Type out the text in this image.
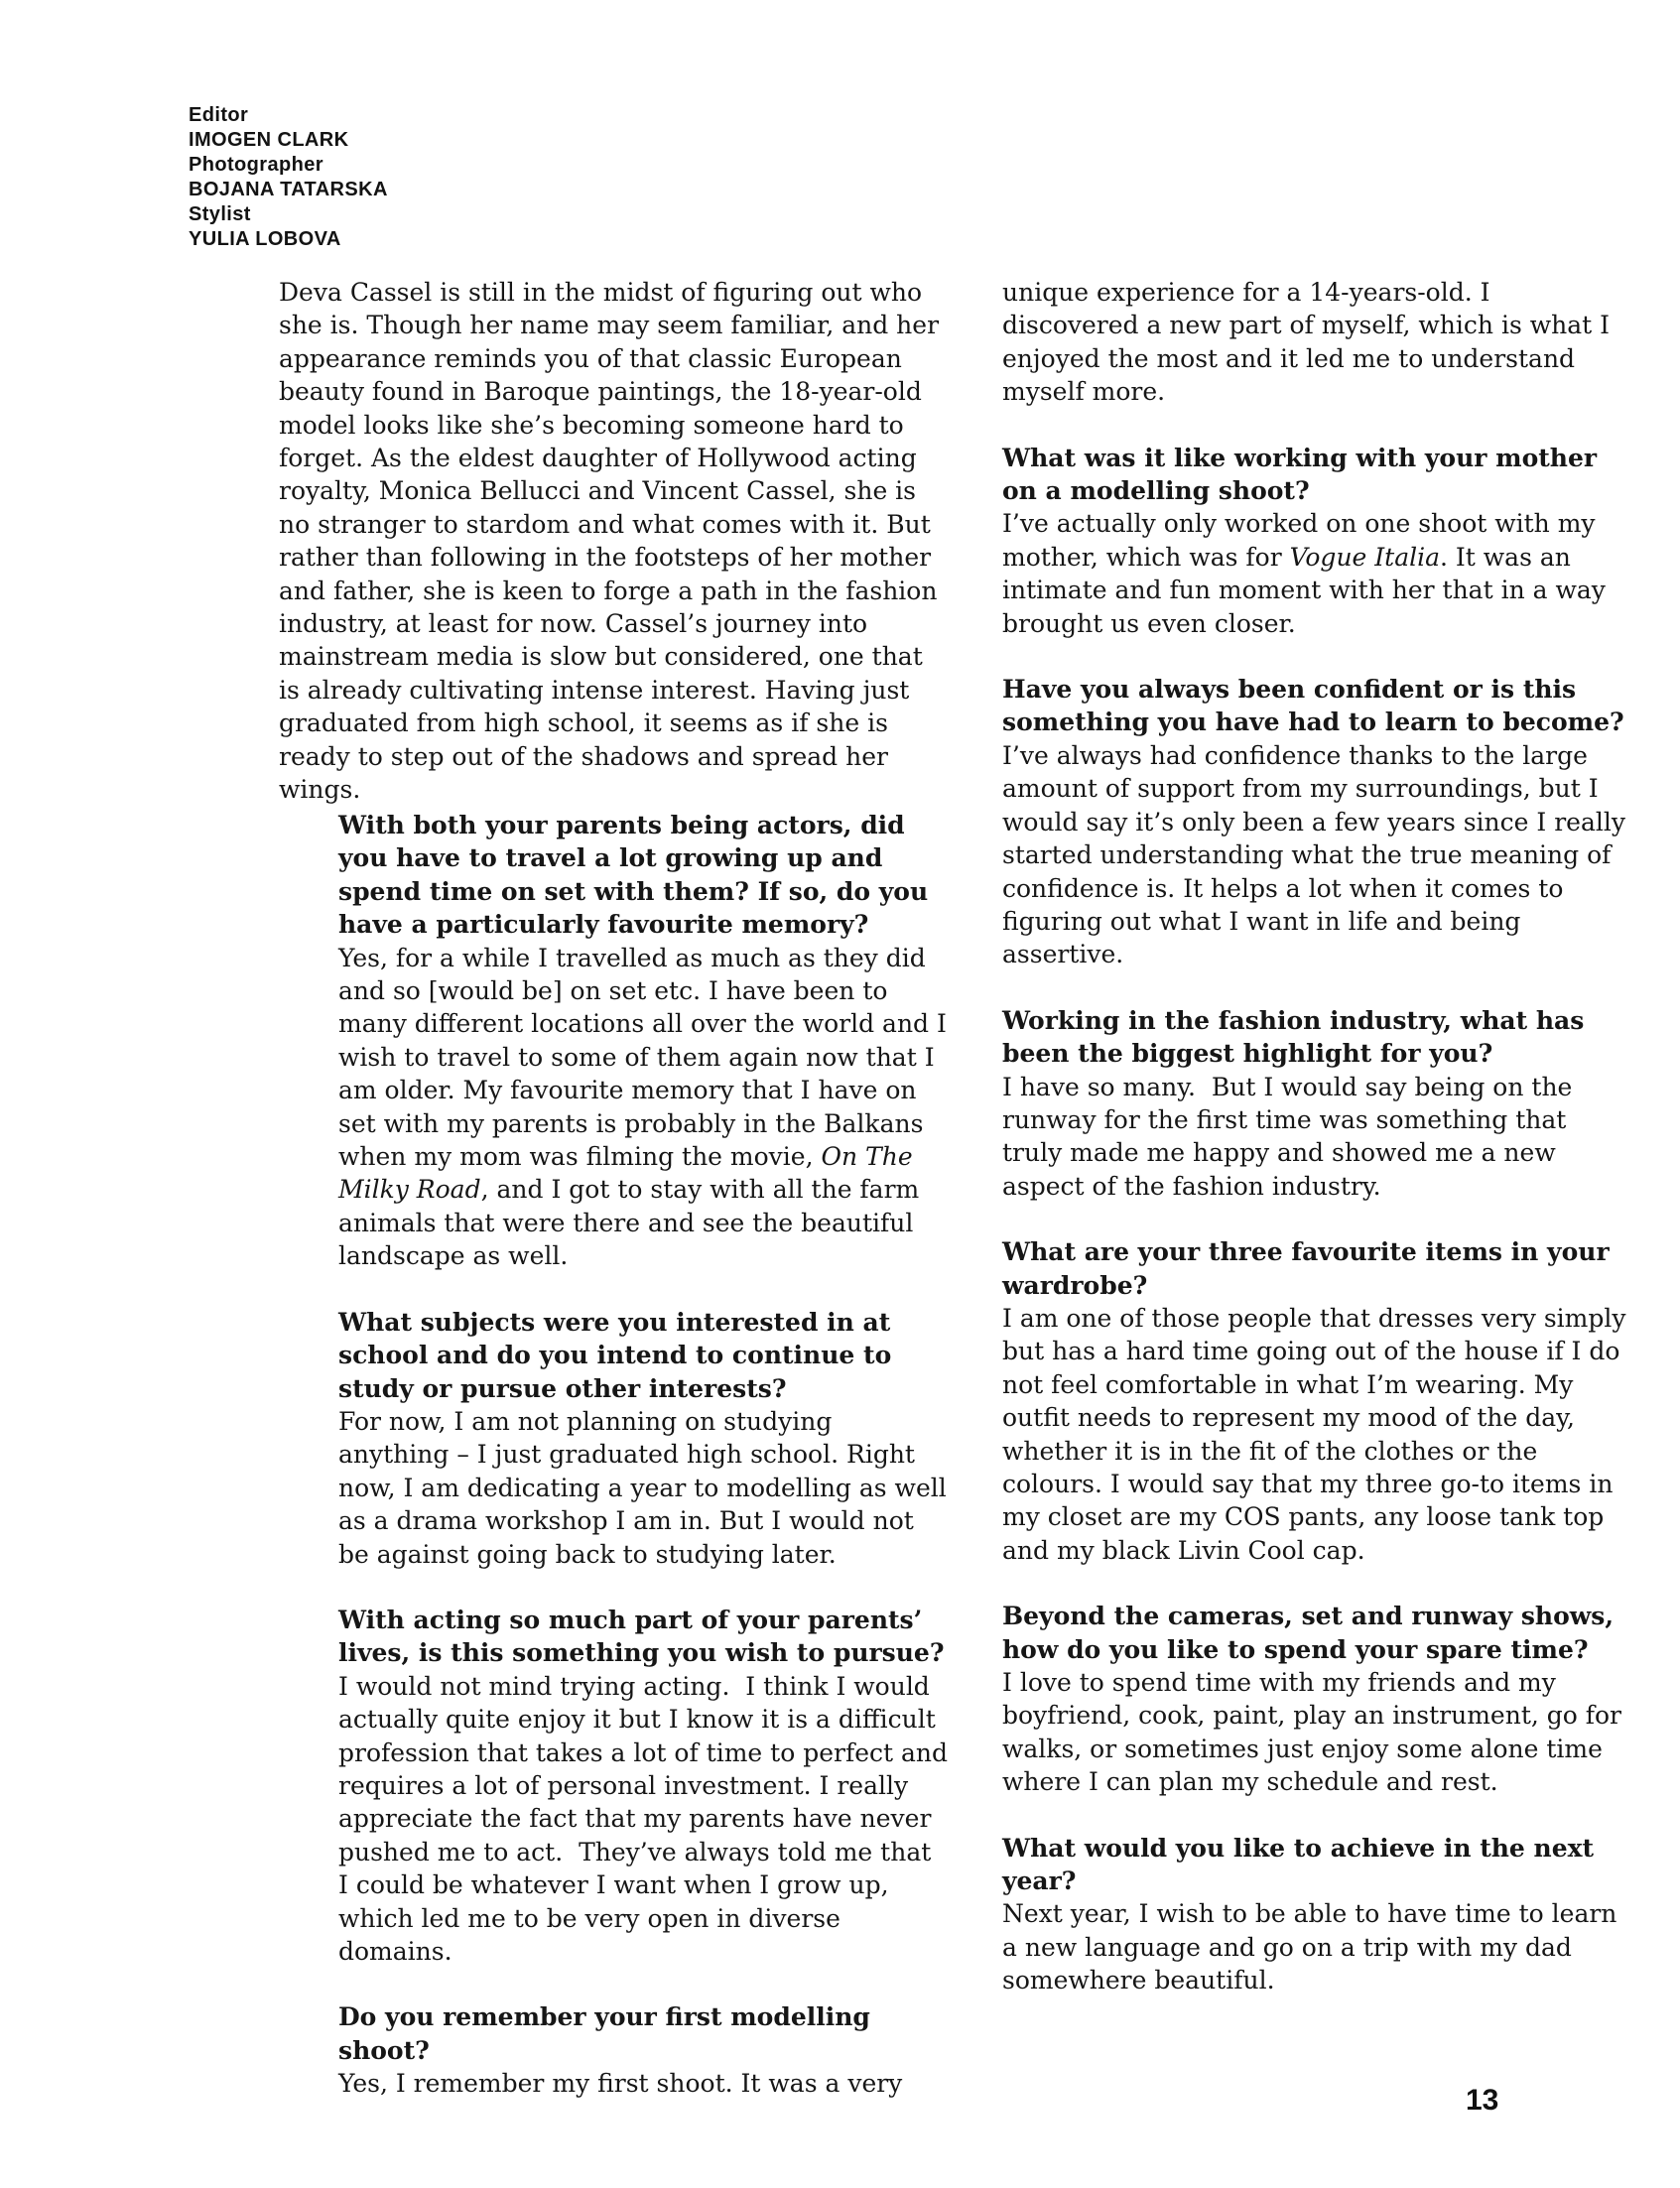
Editor
IMOGEN CLARK
Photographer
BOJANA TATARSKA
Stylist
YULIA LOBOVA

Deva Cassel is still in the midst of figuring out who she is. Though her name may seem familiar, and her appearance reminds you of that classic European beauty found in Baroque paintings, the 18-year-old model looks like she’s becoming someone hard to forget. As the eldest daughter of Hollywood acting royalty, Monica Bellucci and Vincent Cassel, she is no stranger to stardom and what comes with it. But rather than following in the footsteps of her mother and father, she is keen to forge a path in the fashion industry, at least for now. Cassel’s journey into mainstream media is slow but considered, one that is already cultivating intense interest. Having just graduated from high school, it seems as if she is ready to step out of the shadows and spread her wings.

With both your parents being actors, did you have to travel a lot growing up and spend time on set with them? If so, do you have a particularly favourite memory?

Yes, for a while I travelled as much as they did and so [would be] on set etc. I have been to many different locations all over the world and I wish to travel to some of them again now that I am older. My favourite memory that I have on set with my parents is probably in the Balkans when my mom was filming the movie, On The Milky Road, and I got to stay with all the farm animals that were there and see the beautiful landscape as well.

What subjects were you interested in at school and do you intend to continue to study or pursue other interests?

For now, I am not planning on studying anything – I just graduated high school. Right now, I am dedicating a year to modelling as well as a drama workshop I am in. But I would not be against going back to studying later.

With acting so much part of your parents’ lives, is this something you wish to pursue?

I would not mind trying acting.  I think I would actually quite enjoy it but I know it is a difficult profession that takes a lot of time to perfect and requires a lot of personal investment. I really appreciate the fact that my parents have never pushed me to act.  They’ve always told me that I could be whatever I want when I grow up, which led me to be very open in diverse domains.

Do you remember your first modelling shoot?

Yes, I remember my first shoot. It was a very

unique experience for a 14-years-old. I discovered a new part of myself, which is what I enjoyed the most and it led me to understand myself more.

What was it like working with your mother on a modelling shoot?

I’ve actually only worked on one shoot with my mother, which was for Vogue Italia. It was an intimate and fun moment with her that in a way brought us even closer.

Have you always been confident or is this something you have had to learn to become?

I’ve always had confidence thanks to the large amount of support from my surroundings, but I would say it’s only been a few years since I really started understanding what the true meaning of confidence is. It helps a lot when it comes to figuring out what I want in life and being assertive.

Working in the fashion industry, what has been the biggest highlight for you?

I have so many.  But I would say being on the runway for the first time was something that truly made me happy and showed me a new aspect of the fashion industry.

What are your three favourite items in your wardrobe?

I am one of those people that dresses very simply but has a hard time going out of the house if I do not feel comfortable in what I’m wearing. My outfit needs to represent my mood of the day, whether it is in the fit of the clothes or the colours. I would say that my three go-to items in my closet are my COS pants, any loose tank top and my black Livin Cool cap.

Beyond the cameras, set and runway shows, how do you like to spend your spare time?

I love to spend time with my friends and my boyfriend, cook, paint, play an instrument, go for walks, or sometimes just enjoy some alone time where I can plan my schedule and rest.

What would you like to achieve in the next year?

Next year, I wish to be able to have time to learn a new language and go on a trip with my dad somewhere beautiful.

13
